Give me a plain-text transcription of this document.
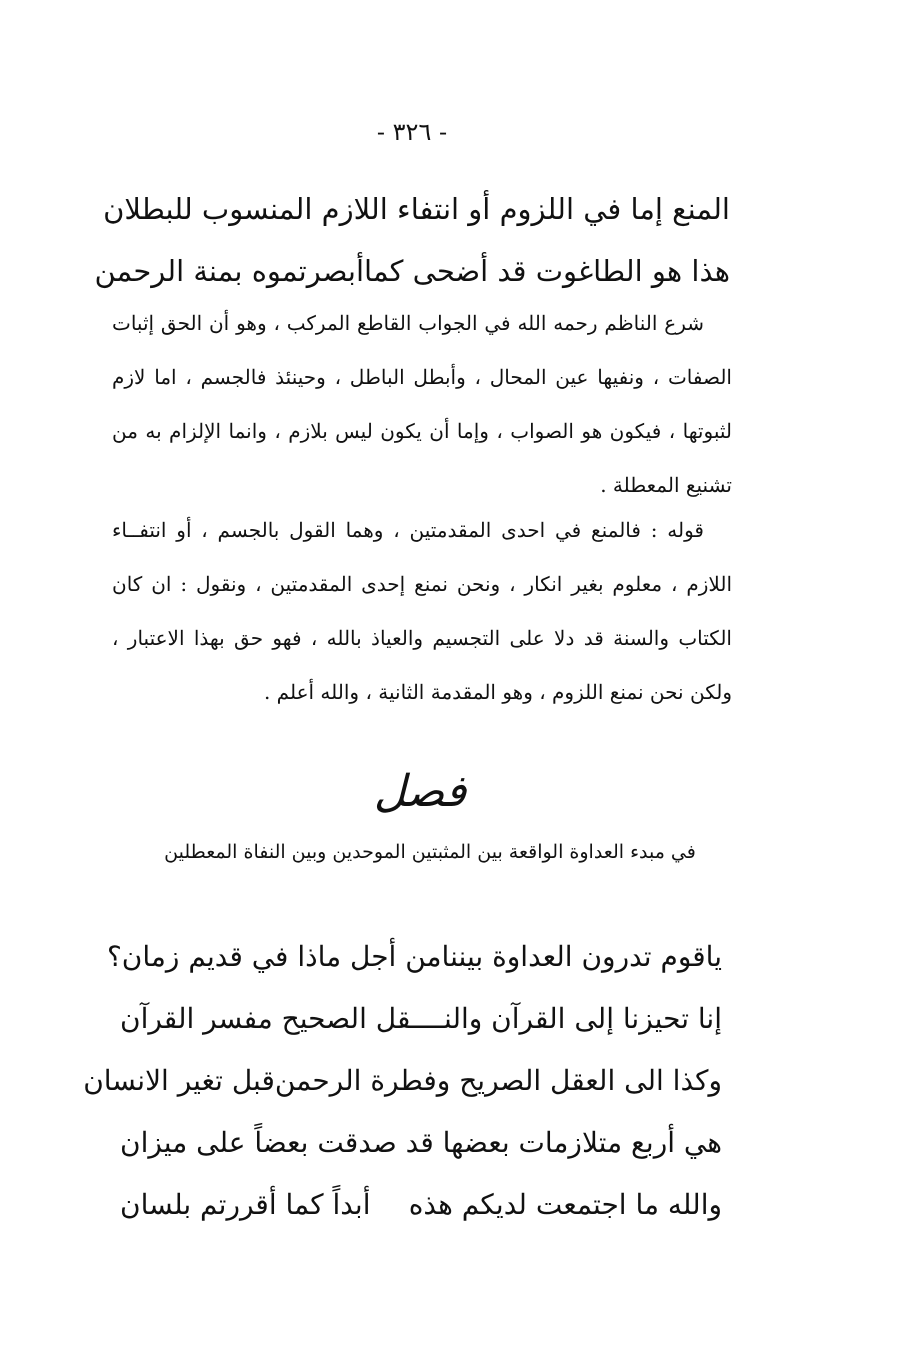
- ٣٢٦ -
المنع إما في اللزوم أو انتفا
ء اللازم المنسوب للبطلان
هذا هو الطاغوت قد أضحى كما
أبصرتموه بمنة الرحمن

شرع الناظم رحمه الله في الجواب القاطع المركب ، وهو أن الحق إثبات الصفات ، ونفيها عين المحال ، وأبطل الباطل ، وحينئذ فالجسم ، اما لازم لثبوتها ، فيكون هو الصواب ، وإما أن يكون ليس بلازم ، وانما الإلزام به من تشنيع المعطلة .

قوله : فالمنع في احدى المقدمتين ، وهما القول بالجسم ، أو انتفــاء اللازم ، معلوم بغير انكار ، ونحن نمنع إحدى المقدمتين ، ونقول : ان كان الكتاب والسنة قد دلا على التجسيم والعياذ بالله ، فهو حق بهذا الاعتبار ، ولكن نحن نمنع اللزوم ، وهو المقدمة الثانية ، والله أعلم .

فصل
في مبدء العداوة الواقعة بين المثبتين الموحدين وبين النفاة المعطلين
ياقوم تدرون العداوة بيننا
من أجل ماذا في قديم زمان؟
إنا تحيزنا إلى القرآن والنـــ
ـقل الصحيح مفسر القرآن
وكذا الى العقل الصريح وفطرة الرحمن
قبل تغير الانسان
هي أربع متلازمات بعضها
قد صدقت بعضاً على ميزان
والله ما اجتمعت لديكم هذه
أبداً كما أقررتم بلسان
